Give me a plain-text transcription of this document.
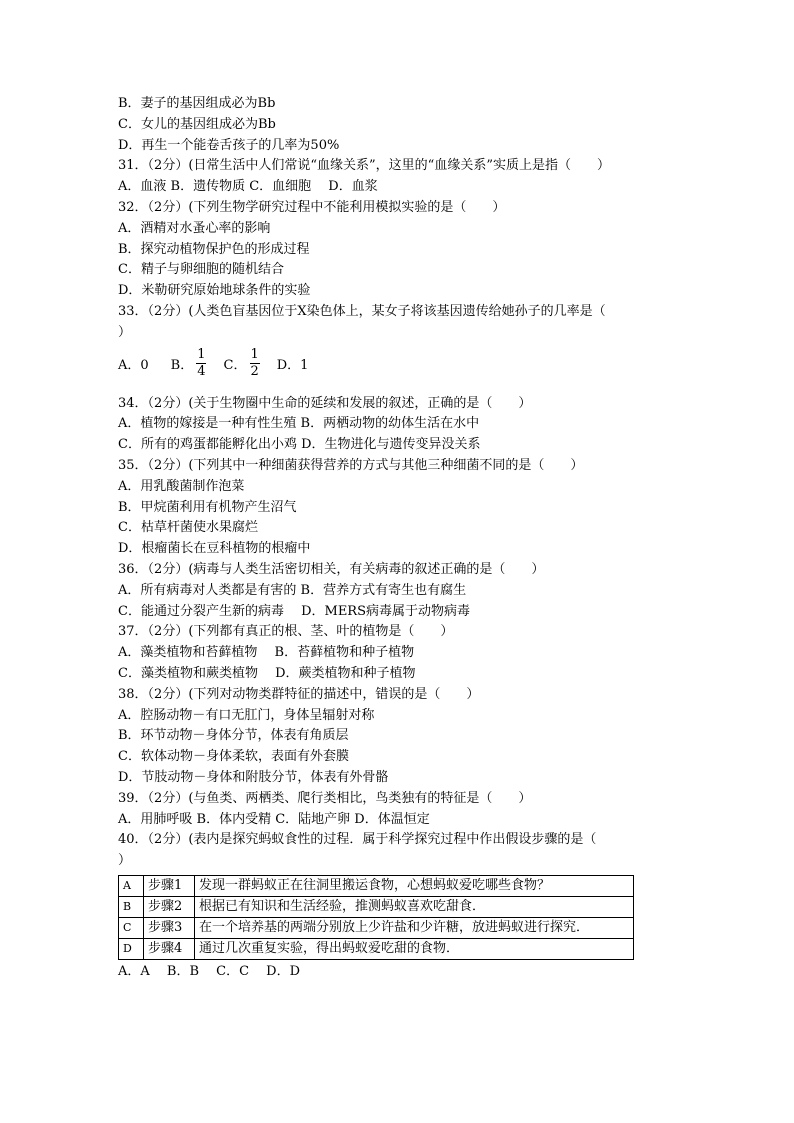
B．妻子的基因组成必为Bb
C．女儿的基因组成必为Bb
D．再生一个能卷舌孩子的几率为50%
31．（2分）(日常生活中人们常说“血缘关系”，这里的“血缘关系”实质上是指（　　）
A．血液 B．遗传物质 C．血细胞　 D．血浆
32．（2分）(下列生物学研究过程中不能利用模拟实验的是（　　）
A．酒精对水蚤心率的影响
B．探究动植物保护色的形成过程
C．精子与卵细胞的随机结合
D．米勒研究原始地球条件的实验
33．（2分）(人类色盲基因位于X染色体上，某女子将该基因遗传给她孙子的几率是（
）
A．0 B． $\frac{1}{4}$ C． $\frac{1}{2}$ D．1
34．（2分）(关于生物圈中生命的延续和发展的叙述，正确的是（　　）
A．植物的嫁接是一种有性生殖 B．两栖动物的幼体生活在水中
C．所有的鸡蛋都能孵化出小鸡 D．生物进化与遗传变异没关系
35．（2分）(下列其中一种细菌获得营养的方式与其他三种细菌不同的是（　　）
A．用乳酸菌制作泡菜
B．甲烷菌利用有机物产生沼气
C．枯草杆菌使水果腐烂
D．根瘤菌长在豆科植物的根瘤中
36．（2分）(病毒与人类生活密切相关，有关病毒的叙述正确的是（　　）
A．所有病毒对人类都是有害的 B．营养方式有寄生也有腐生
C．能通过分裂产生新的病毒　 D．MERS病毒属于动物病毒
37．（2分）(下列都有真正的根、茎、叶的植物是（　　）
A．藻类植物和苔藓植物　 B．苔藓植物和种子植物
C．藻类植物和蕨类植物　 D．蕨类植物和种子植物
38．（2分）(下列对动物类群特征的描述中，错误的是（　　）
A．腔肠动物－有口无肛门，身体呈辐射对称
B．环节动物－身体分节，体表有角质层
C．软体动物－身体柔软，表面有外套膜
D．节肢动物－身体和附肢分节，体表有外骨骼
39．（2分）(与鱼类、两栖类、爬行类相比，鸟类独有的特征是（　　）
A．用肺呼吸 B．体内受精 C．陆地产卵 D．体温恒定
40．（2分）(表内是探究蚂蚁食性的过程．属于科学探究过程中作出假设步骤的是（
）
A	步骤1	发现一群蚂蚁正在往洞里搬运食物，心想蚂蚁爱吃哪些食物？
B	步骤2	根据已有知识和生活经验，推测蚂蚁喜欢吃甜食．
C	步骤3	在一个培养基的两端分别放上少许盐和少许糖，放进蚂蚁进行探究．
D	步骤4	通过几次重复实验，得出蚂蚁爱吃甜的食物．
A．A　 B．B　 C．C　 D．D
